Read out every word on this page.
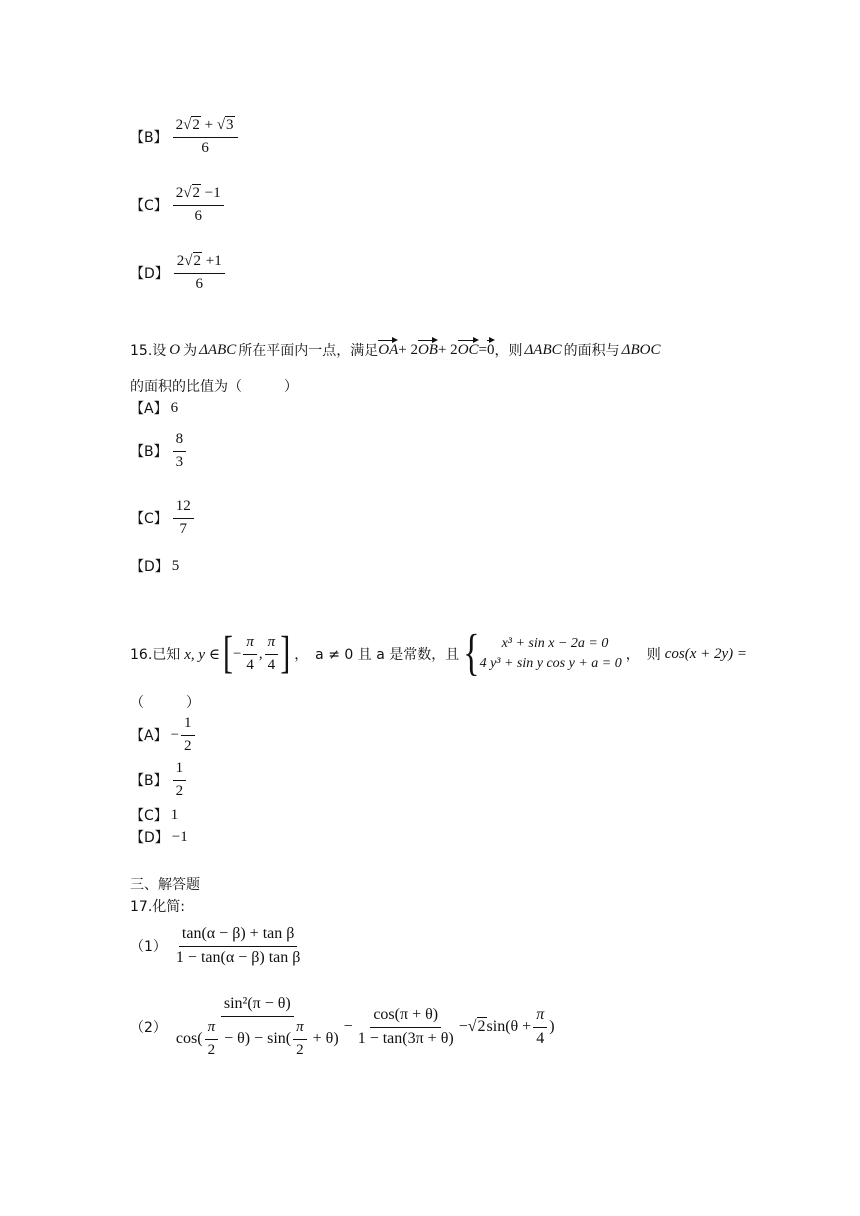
【B】 $\frac{2√2 + √3}{6}$
【C】 $\frac{2√2 -1}{6}$
【D】 $\frac{2√2 +1}{6}$
15.设 O 为 ΔABC 所在平面内一点，满足 OA + 2 OB + 2 OC = 0 ，则 ΔABC 的面积与 ΔBOC
的面积的比值为（　　　）
【A】 6
【B】 $\frac{8}{3}$
【C】 $\frac{12}{7}$
【D】 5
16.已知 x, y ∈ [ − $\frac{\pi}{4}$ , $\frac{\pi}{4}$ ] ，　a ≠ 0 且 a 是常数，且 {	x³ + sin x − 2a = 0
4 y³ + sin y cos y + a = 0
，　则 cos(x + 2y) =
（　　　）
【A】 − $\frac{1}{2}$
【B】 $\frac{1}{2}$
【C】 1
【D】 −1
三、解答题
17.化简:
$(1) \frac{\text{tan(α − β) + tan β}}{\text{1 − tan(α − β) tan β}}$
$(2) \frac{\text{sin²(π − θ)}}{\cos( \frac{\pi}{2} - \theta) - \sin( \frac{\pi}{2} + \theta)} - \frac{\cos(\pi + \theta)}{1 - \tan(3\pi + \theta)} - √2$ $\sin(\theta + \frac{\pi}{4}$ )
